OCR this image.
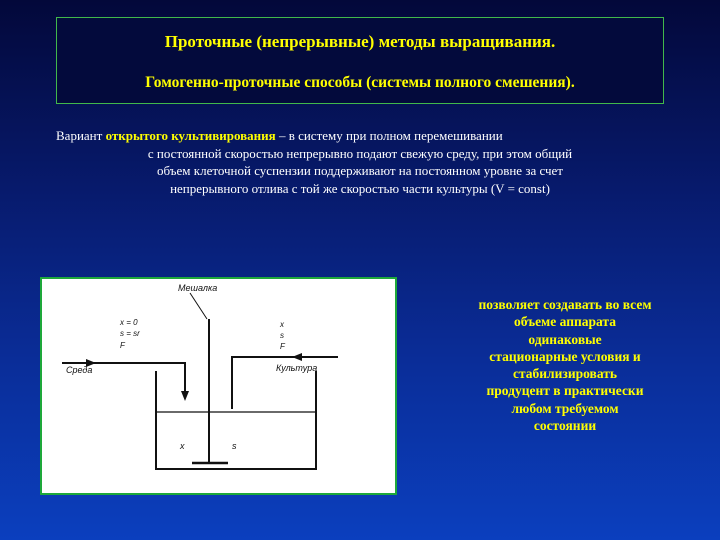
Проточные (непрерывные) методы выращивания.
Гомогенно-проточные способы (системы полного смешения).
Вариант открытого культивирования – в систему при полном перемешивании
с постоянной скоростью непрерывно подают свежую среду, при этом общий
объем клеточной суспензии поддерживают на постоянном уровне за счет
непрерывного отлива с той же скоростью части культуры (V = const)
Мешалка
x = 0
s = sr
F
Среда
x
s
F
Культура
x	s
позволяет создавать во всем
объеме аппарата
одинаковые
стационарные условия и
стабилизировать
продуцент в практически
любом требуемом
состоянии
